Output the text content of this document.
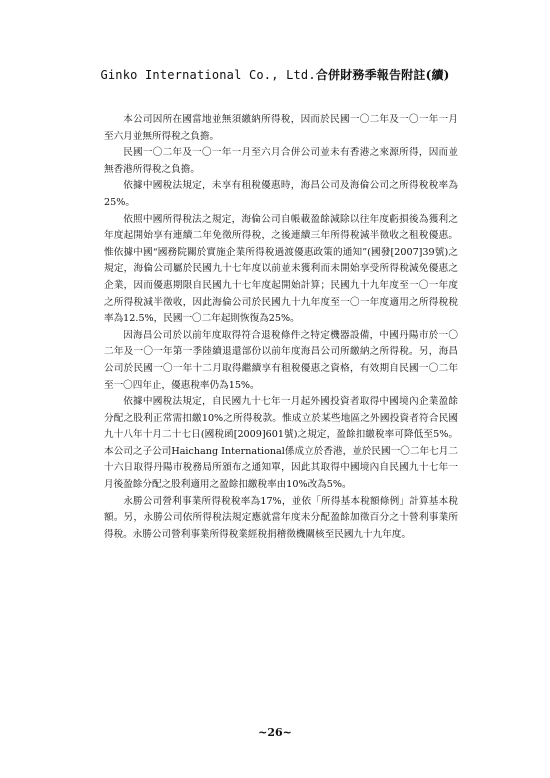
Ginko International Co., Ltd.合併財務季報告附註(續)

本公司因所在國當地並無須繳納所得稅，因而於民國一〇二年及一〇一年一月至六月並無所得稅之負擔。

民國一〇二年及一〇一年一月至六月合併公司並未有香港之來源所得，因而並無香港所得稅之負擔。

依據中國稅法規定，未享有租稅優惠時，海昌公司及海倫公司之所得稅稅率為25%。

依照中國所得稅法之規定，海倫公司自帳載盈餘減除以往年度虧損後為獲利之年度起開始享有連續二年免徵所得稅，之後連續三年所得稅減半徵收之租稅優惠。惟依據中國“國務院關於實施企業所得稅過渡優惠政策的通知”(國發[2007]39號)之規定，海倫公司屬於民國九十七年度以前並未獲利而未開始享受所得稅減免優惠之企業，因而優惠期限自民國九十七年度起開始計算；民國九十九年度至一〇一年度之所得稅減半徵收，因此海倫公司於民國九十九年度至一〇一年度適用之所得稅稅率為12.5%，民國一〇二年起則恢復為25%。

因海昌公司於以前年度取得符合退稅條件之特定機器設備，中國丹陽市於一〇二年及一〇一年第一季陸續退還部份以前年度海昌公司所繳納之所得稅。另，海昌公司於民國一〇一年十二月取得繼續享有租稅優惠之資格，有效期自民國一〇二年至一〇四年止，優惠稅率仍為15%。

依據中國稅法規定，自民國九十七年一月起外國投資者取得中國境內企業盈餘分配之股利正常需扣繳10%之所得稅款。惟成立於某些地區之外國投資者符合民國九十八年十月二十七日(國稅函[2009]601號)之規定，盈餘扣繳稅率可降低至5%。本公司之子公司Haichang International係成立於香港，並於民國一〇二年七月二十六日取得丹陽市稅務局所頒布之通知單，因此其取得中國境內自民國九十七年一月後盈餘分配之股利適用之盈餘扣繳稅率由10%改為5%。

永勝公司營利事業所得稅稅率為17%，並依「所得基本稅額條例」計算基本稅額。另，永勝公司依所得稅法規定應就當年度未分配盈餘加徵百分之十營利事業所得稅。永勝公司營利事業所得稅業經稅捐稽徵機關核至民國九十九年度。

~26~
